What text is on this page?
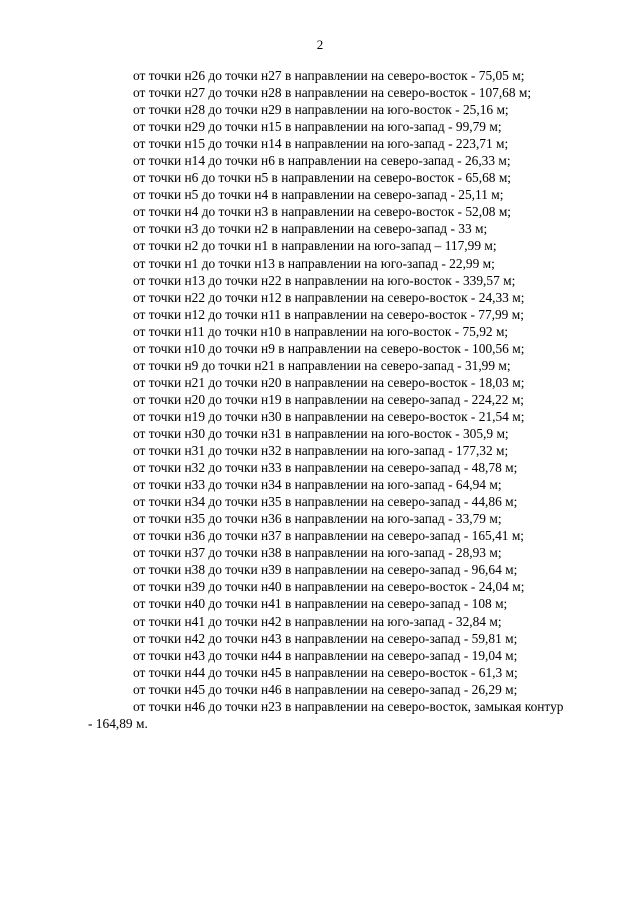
2
от точки н26 до точки н27 в направлении на северо-восток - 75,05 м;
от точки н27 до точки н28 в направлении на северо-восток - 107,68 м;
от точки н28 до точки н29 в направлении на юго-восток - 25,16 м;
от точки н29 до точки н15 в направлении на юго-запад - 99,79 м;
от точки н15 до точки н14 в направлении на юго-запад - 223,71 м;
от точки н14 до точки н6 в направлении на северо-запад - 26,33 м;
от точки н6 до точки н5 в направлении на северо-восток - 65,68 м;
от точки н5 до точки н4 в направлении на северо-запад - 25,11 м;
от точки н4 до точки н3 в направлении на северо-восток - 52,08 м;
от точки н3 до точки н2 в направлении на северо-запад - 33 м;
от точки н2 до точки н1 в направлении на юго-запад – 117,99 м;
от точки н1 до точки н13 в направлении на юго-запад - 22,99 м;
от точки н13 до точки н22 в направлении на юго-восток - 339,57 м;
от точки н22 до точки н12 в направлении на северо-восток - 24,33 м;
от точки н12 до точки н11 в направлении на северо-восток - 77,99 м;
от точки н11 до точки н10 в направлении на юго-восток - 75,92 м;
от точки н10 до точки н9 в направлении на северо-восток - 100,56 м;
от точки н9 до точки н21 в направлении на северо-запад - 31,99 м;
от точки н21 до точки н20 в направлении на северо-восток - 18,03 м;
от точки н20 до точки н19 в направлении на северо-запад - 224,22 м;
от точки н19 до точки н30 в направлении на северо-восток - 21,54 м;
от точки н30 до точки н31 в направлении на юго-восток - 305,9 м;
от точки н31 до точки н32 в направлении на юго-запад - 177,32 м;
от точки н32 до точки н33 в направлении на северо-запад - 48,78 м;
от точки н33 до точки н34 в направлении на юго-запад - 64,94 м;
от точки н34 до точки н35 в направлении на северо-запад - 44,86 м;
от точки н35 до точки н36 в направлении на юго-запад - 33,79 м;
от точки н36 до точки н37 в направлении на северо-запад - 165,41 м;
от точки н37 до точки н38 в направлении на юго-запад - 28,93 м;
от точки н38 до точки н39 в направлении на северо-запад - 96,64 м;
от точки н39 до точки н40 в направлении на северо-восток - 24,04 м;
от точки н40 до точки н41 в направлении на северо-запад - 108 м;
от точки н41 до точки н42 в направлении на юго-запад - 32,84 м;
от точки н42 до точки н43 в направлении на северо-запад - 59,81 м;
от точки н43 до точки н44 в направлении на северо-запад - 19,04 м;
от точки н44 до точки н45 в направлении на северо-восток - 61,3 м;
от точки н45 до точки н46 в направлении на северо-запад - 26,29 м;
от точки н46 до точки н23 в направлении на северо-восток, замыкая контур
- 164,89 м.
